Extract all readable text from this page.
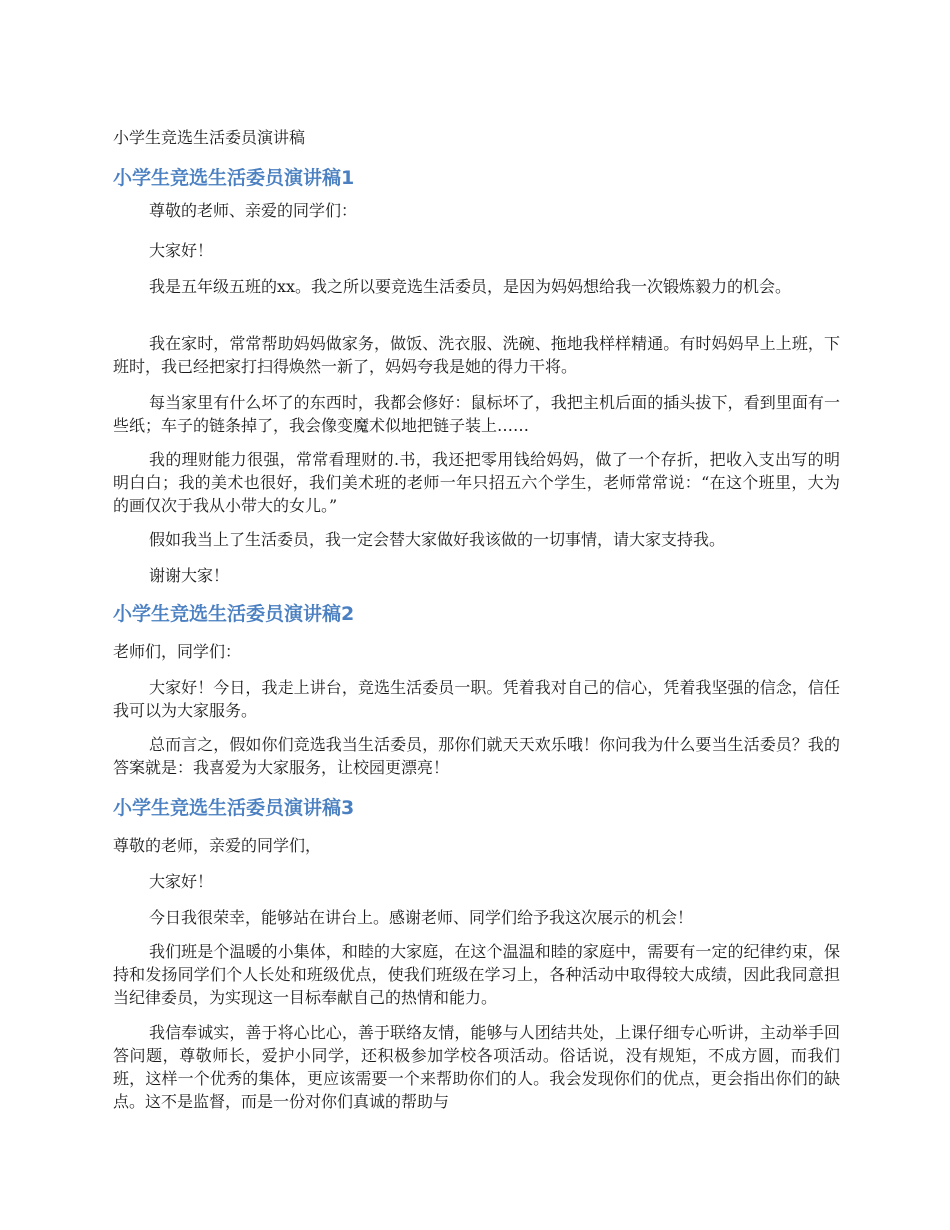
小学生竞选生活委员演讲稿
小学生竞选生活委员演讲稿1

尊敬的老师、亲爱的同学们：

大家好！

我是五年级五班的xx。我之所以要竞选生活委员，是因为妈妈想给我一次锻炼毅力的机会。

我在家时，常常帮助妈妈做家务，做饭、洗衣服、洗碗、拖地我样样精通。有时妈妈早上上班，下班时，我已经把家打扫得焕然一新了，妈妈夸我是她的得力干将。

每当家里有什么坏了的东西时，我都会修好：鼠标坏了，我把主机后面的插头拔下，看到里面有一些纸；车子的链条掉了，我会像变魔术似地把链子装上……

我的理财能力很强，常常看理财的.书，我还把零用钱给妈妈，做了一个存折，把收入支出写的明明白白；我的美术也很好，我们美术班的老师一年只招五六个学生，老师常常说：“在这个班里，大为的画仅次于我从小带大的女儿。”

假如我当上了生活委员，我一定会替大家做好我该做的一切事情，请大家支持我。

谢谢大家！

小学生竞选生活委员演讲稿2

老师们，同学们：

大家好！今日，我走上讲台，竞选生活委员一职。凭着我对自己的信心，凭着我坚强的信念，信任我可以为大家服务。

总而言之，假如你们竞选我当生活委员，那你们就天天欢乐哦！你问我为什么要当生活委员？我的答案就是：我喜爱为大家服务，让校园更漂亮！

小学生竞选生活委员演讲稿3

尊敬的老师，亲爱的同学们，

大家好！

今日我很荣幸，能够站在讲台上。感谢老师、同学们给予我这次展示的机会！

我们班是个温暖的小集体，和睦的大家庭，在这个温温和睦的家庭中，需要有一定的纪律约束，保持和发扬同学们个人长处和班级优点，使我们班级在学习上，各种活动中取得较大成绩，因此我同意担当纪律委员，为实现这一目标奉献自己的热情和能力。

我信奉诚实，善于将心比心，善于联络友情，能够与人团结共处，上课仔细专心听讲，主动举手回答问题，尊敬师长，爱护小同学，还积极参加学校各项活动。俗话说，没有规矩，不成方圆，而我们班，这样一个优秀的集体，更应该需要一个来帮助你们的人。我会发现你们的优点，更会指出你们的缺点。这不是监督，而是一份对你们真诚的帮助与
